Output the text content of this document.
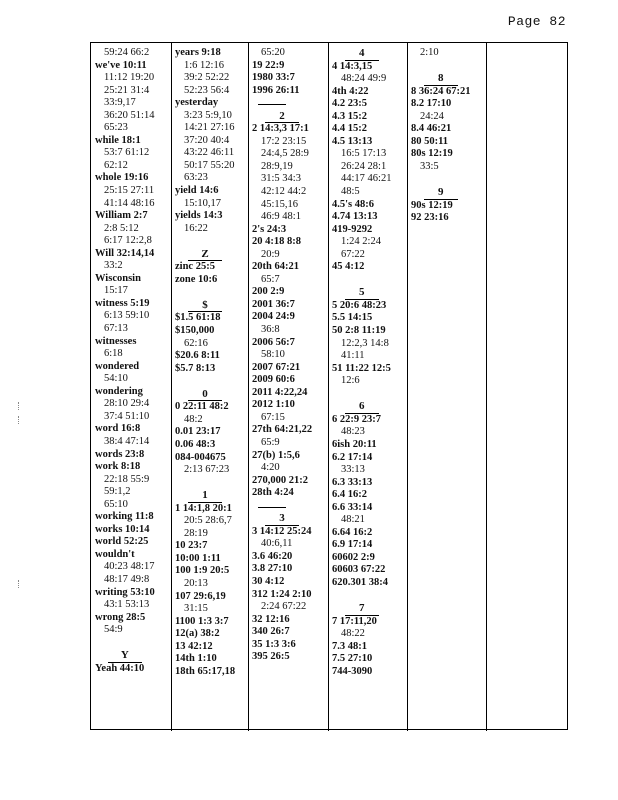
Page 82
59:24 66:2
we've 10:11
11:12 19:20
25:21 31:4
33:9,17
36:20 51:14
65:23
while 18:1
53:7 61:12
62:12
whole 19:16
25:15 27:11
41:14 48:16
William 2:7
2:8 5:12
6:17 12:2,8
Will 32:14,14
33:2
Wisconsin
15:17
witness 5:19
6:13 59:10
67:13
witnesses
6:18
wondered
54:10
wondering
28:10 29:4
37:4 51:10
word 16:8
38:4 47:14
words 23:8
work 8:18
22:18 55:9
59:1,2
65:10
working 11:8
works 10:14
world 52:25
wouldn't
40:23 48:17
48:17 49:8
writing 53:10
43:1 53:13
wrong 28:5
54:9
Y
Yeah 44:10
years 9:18
1:6 12:16
39:2 52:22
52:23 56:4
yesterday
3:23 5:9,10
14:21 27:16
37:20 40:4
43:22 46:11
50:17 55:20
63:23
yield 14:6
15:10,17
yields 14:3
16:22
Z
zinc 25:5
zone 10:6
$
$1.5 61:18
$150,000
62:16
$20.6 8:11
$5.7 8:13
0
0 22:11 48:2
48:2
0.01 23:17
0.06 48:3
084-004675
2:13 67:23
1
1 14:1,8 20:1
20:5 28:6,7
28:19
10 23:7
10:00 1:11
100 1:9 20:5
20:13
107 29:6,19
31:15
1100 1:3 3:7
12(a) 38:2
13 42:12
14th 1:10
18th 65:17,18
65:20
19 22:9
1980 33:7
1996 26:11
2
2 14:3,3 17:1
17:2 23:15
24:4,5 28:9
28:9,19
31:5 34:3
42:12 44:2
45:15,16
46:9 48:1
2's 24:3
20 4:18 8:8
20:9
20th 64:21
65:7
200 2:9
2001 36:7
2004 24:9
36:8
2006 56:7
58:10
2007 67:21
2009 60:6
2011 4:22,24
2012 1:10
67:15
27th 64:21,22
65:9
27(b) 1:5,6
4:20
270,000 21:2
28th 4:24
3
3 14:12 25:24
40:6,11
3.6 46:20
3.8 27:10
30 4:12
312 1:24 2:10
2:24 67:22
32 12:16
340 26:7
35 1:3 3:6
395 26:5
4
4 14:3,15
48:24 49:9
4th 4:22
4.2 23:5
4.3 15:2
4.4 15:2
4.5 13:13
16:5 17:13
26:24 28:1
44:17 46:21
48:5
4.5's 48:6
4.74 13:13
419-9292
1:24 2:24
67:22
45 4:12
5
5 20:6 48:23
5.5 14:15
50 2:8 11:19
12:2,3 14:8
41:11
51 11:22 12:5
12:6
6
6 22:9 23:7
48:23
6ish 20:11
6.2 17:14
33:13
6.3 33:13
6.4 16:2
6.6 33:14
48:21
6.64 16:2
6.9 17:14
60602 2:9
60603 67:22
620.301 38:4
7
7 17:11,20
48:22
7.3 48:1
7.5 27:10
744-3090
2:10
8
8 36:24 67:21
8.2 17:10
24:24
8.4 46:21
80 50:11
80s 12:19
33:5
9
90s 12:19
92 23:16
